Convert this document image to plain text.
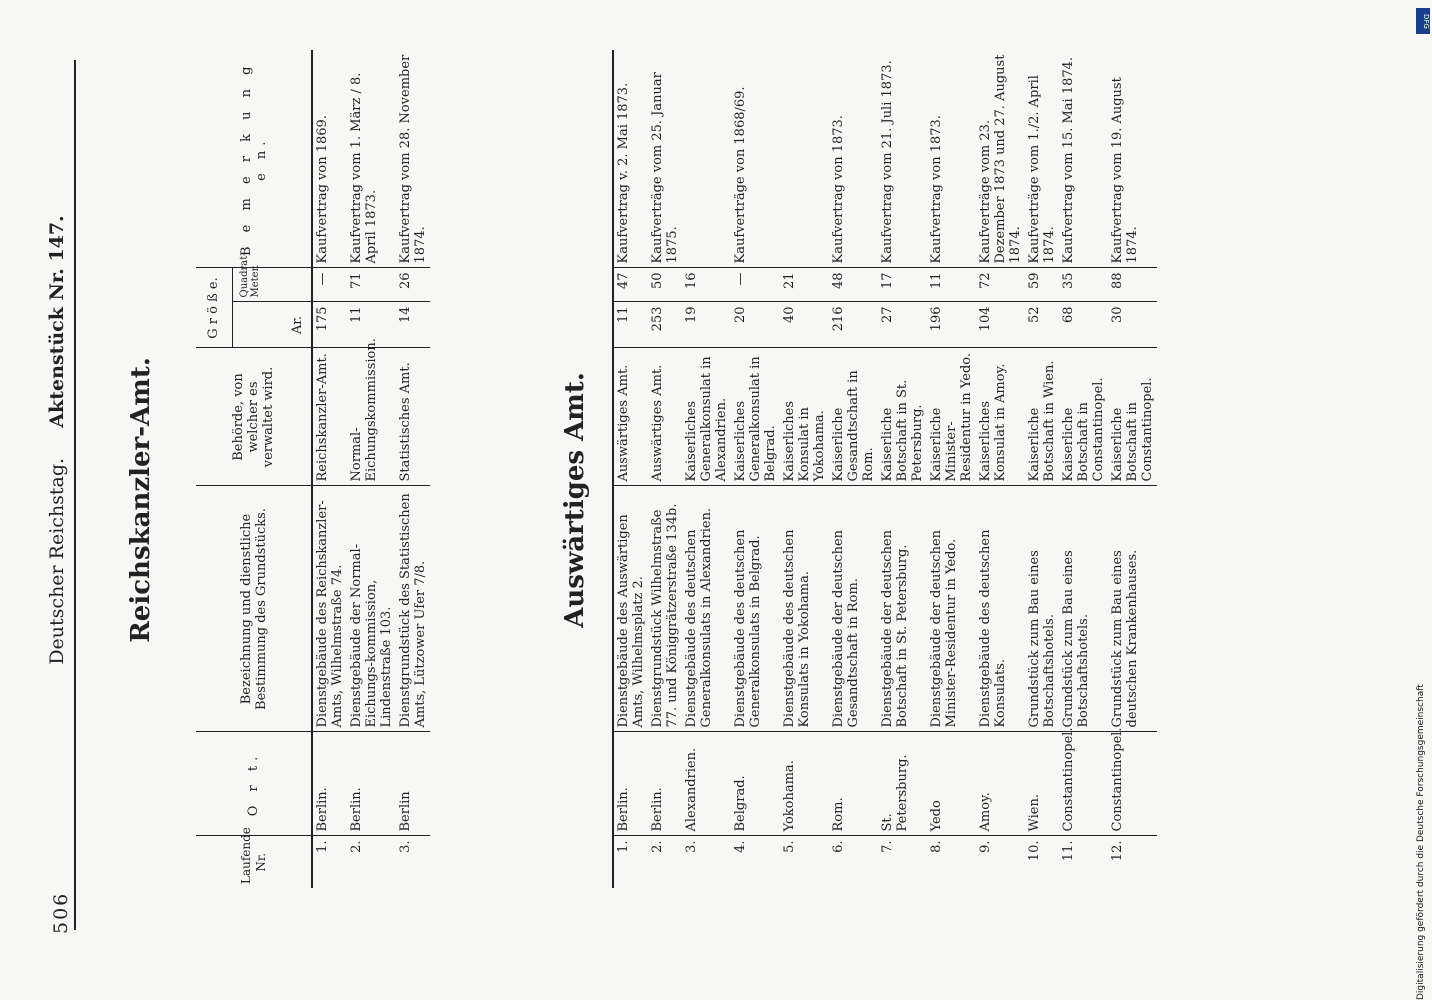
506
Deutscher Reichstag.     Aktenstück Nr. 147.
Reichskanzler-Amt.
Laufende Nr.	O r t.	Bezeichnung und dienstliche Bestimmung des Grundstücks.	Behörde, von welcher es verwaltet wird.	G r ö ß e.		B e m e r k u n g e n.
				Ar.	Quadrat-Meter.	
1.	Berlin.	Dienstgebäude des Reichskanzler-Amts, Wilhelmstraße 74.	Reichskanzler-Amt.	175	—	Kaufvertrag von 1869.
2.	Berlin.	Dienstgebäude der Normal-Eichungs-kommission, Lindenstraße 103.	Normal-Eichungskommission.	11	71	Kaufvertrag vom 1. März / 8. April 1873.
3.	Berlin	Dienstgrundstück des Statistischen Amts, Lützower Ufer 7/8.	Statistisches Amt.	14	26	Kaufvertrag vom 28. November 1874.
Auswärtiges Amt.
1.	Berlin.	Dienstgebäude des Auswärtigen Amts, Wilhelmsplatz 2.	Auswärtiges Amt.	11	47	Kaufvertrag v. 2. Mai 1873.
2.	Berlin.	Dienstgrundstück Wilhelmstraße 77. und Königgrätzerstraße 134b.	Auswärtiges Amt.	253	50	Kaufverträge vom 25. Januar 1875.
3.	Alexandrien.	Dienstgebäude des deutschen Generalkonsulats in Alexandrien.	Kaiserliches Generalkonsulat in Alexandrien.	19	16	
4.	Belgrad.	Dienstgebäude des deutschen Generalkonsulats in Belgrad.	Kaiserliches Generalkonsulat in Belgrad.	20	—	Kaufverträge von 1868/69.
5.	Yokohama.	Dienstgebäude des deutschen Konsulats in Yokohama.	Kaiserliches Konsulat in Yokohama.	40	21	
6.	Rom.	Dienstgebäude der deutschen Gesandtschaft in Rom.	Kaiserliche Gesandtschaft in Rom.	216	48	Kaufvertrag von 1873.
7.	St. Petersburg.	Dienstgebäude der deutschen Botschaft in St. Petersburg.	Kaiserliche Botschaft in St. Petersburg.	27	17	Kaufvertrag vom 21. Juli 1873.
8.	Yedo	Dienstgebäude der deutschen Minister-Residentur in Yedo.	Kaiserliche Minister-Residentur in Yedo.	196	11	Kaufvertrag von 1873.
9.	Amoy.	Dienstgebäude des deutschen Konsulats.	Kaiserliches Konsulat in Amoy.	104	72	Kaufverträge vom 23. Dezember 1873 und 27. August 1874.
10.	Wien.	Grundstück zum Bau eines Botschaftshotels.	Kaiserliche Botschaft in Wien.	52	59	Kaufverträge vom 1./2. April 1874.
11.	Constantinopel.	Grundstück zum Bau eines Botschaftshotels.	Kaiserliche Botschaft in Constantinopel.	68	35	Kaufvertrag vom 15. Mai 1874.
12.	Constantinopel.	Grundstück zum Bau eines deutschen Krankenhauses.	Kaiserliche Botschaft in Constantinopel.	30	88	Kaufvertrag vom 19. August 1874.
Digitalisierung gefördert durch die Deutsche Forschungsgemeinschaft
DFG
